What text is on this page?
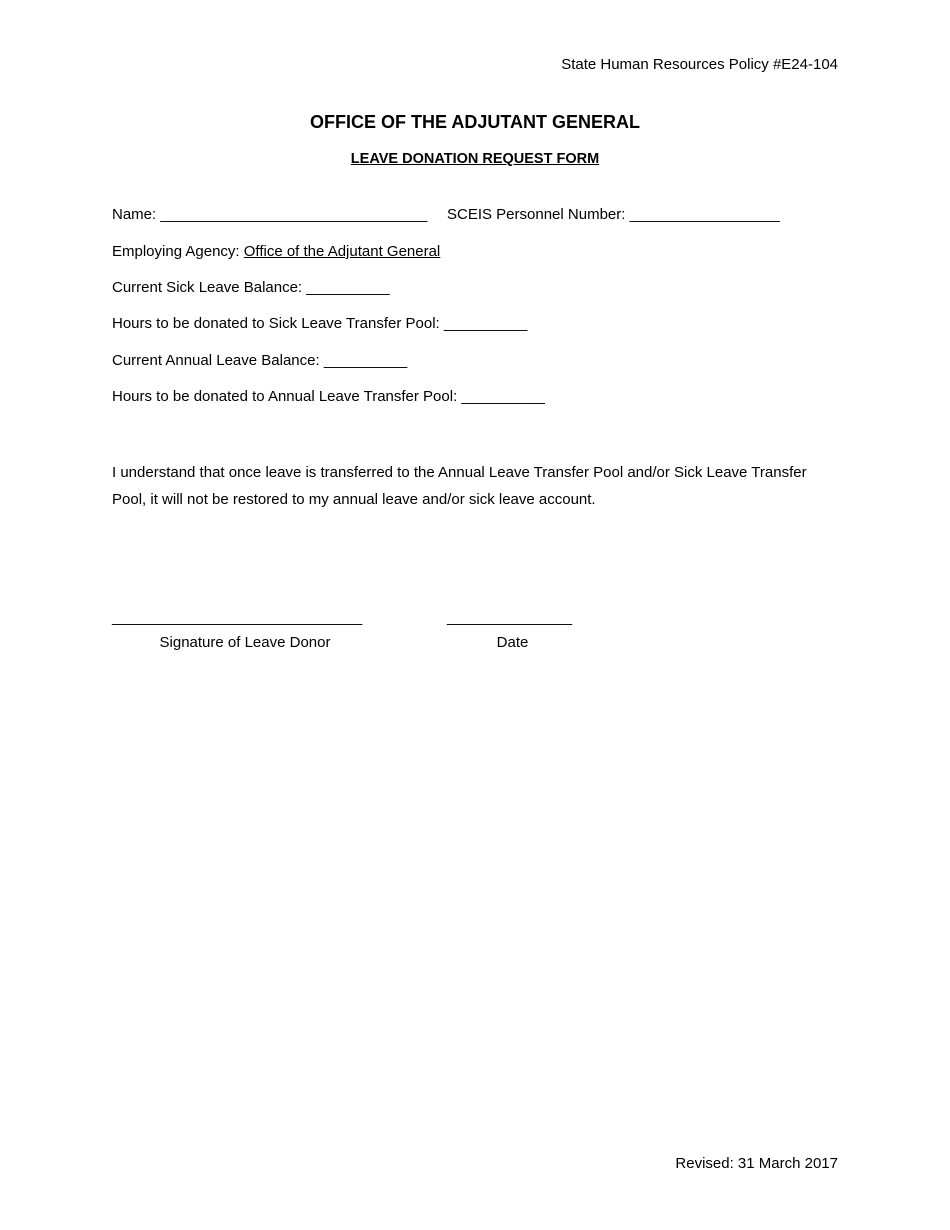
State Human Resources Policy #E24-104
OFFICE OF THE ADJUTANT GENERAL
LEAVE DONATION REQUEST FORM
Name: ________________________________ SCEIS Personnel Number: __________________
Employing Agency: Office of the Adjutant General
Current Sick Leave Balance: __________
Hours to be donated to Sick Leave Transfer Pool: __________
Current Annual Leave Balance: __________
Hours to be donated to Annual Leave Transfer Pool: __________
I understand that once leave is transferred to the Annual Leave Transfer Pool and/or Sick Leave Transfer Pool, it will not be restored to my annual leave and/or sick leave account.
______________________________	_______________
Signature of Leave Donor	Date
Revised: 31 March 2017
